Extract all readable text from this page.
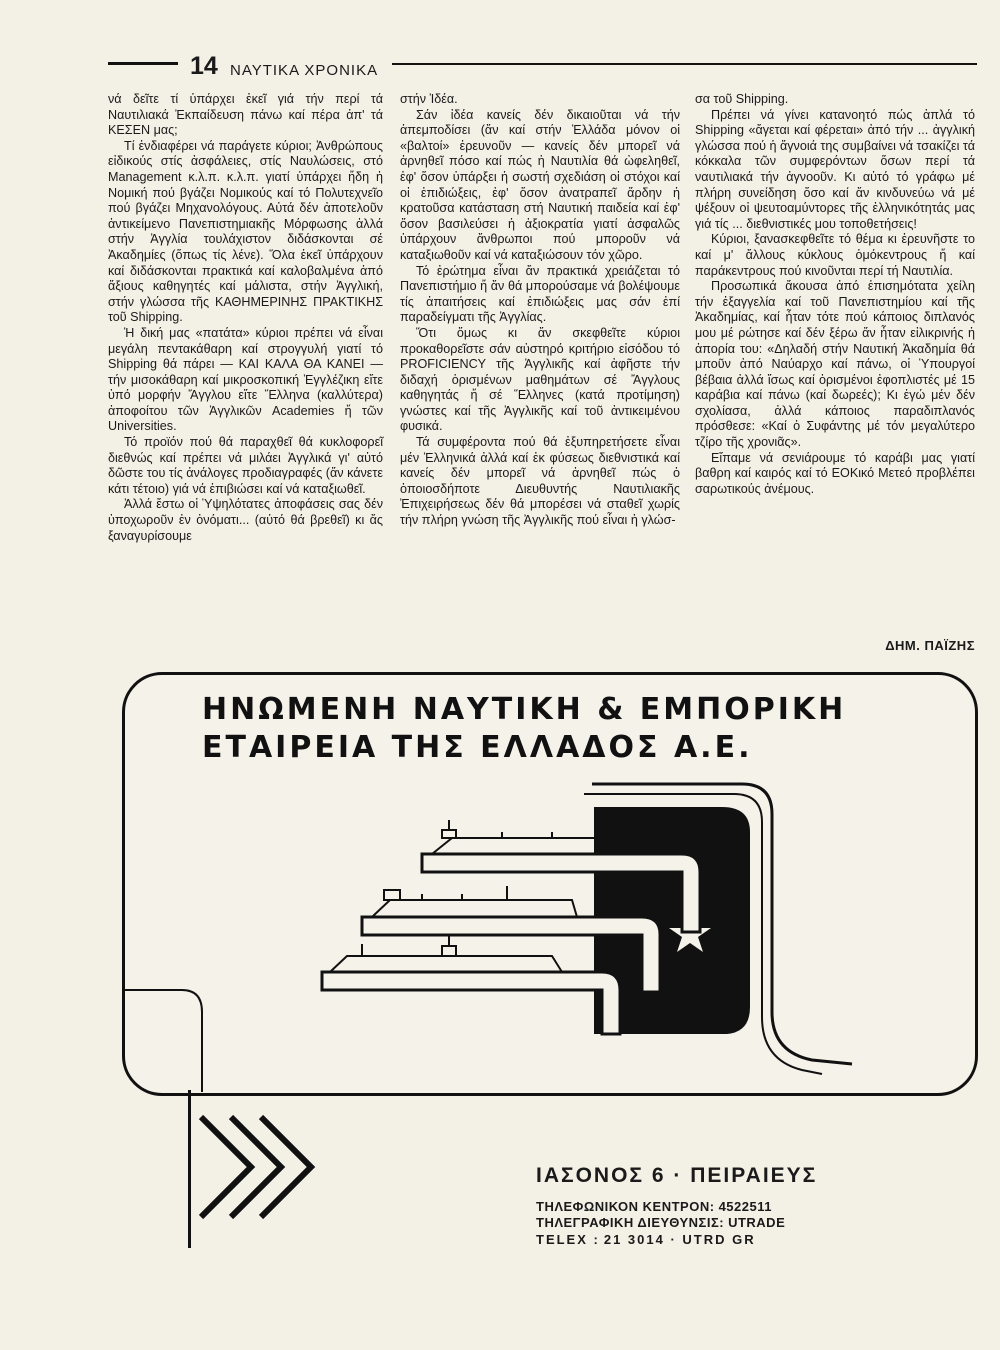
14 ΝΑΥΤΙΚΑ ΧΡΟΝΙΚΑ

νά δεῖτε τί ὑπάρχει ἐκεῖ γιά τήν περί τά Ναυτιλιακά Ἐκπαίδευση πάνω καί πέρα ἀπ' τά ΚΕΣΕΝ μας;

Τί ἐνδιαφέρει νά παράγετε κύριοι; Ἀνθρώπους εἰδικούς στίς ἀσφάλειες, στίς Ναυλώσεις, στό Management κ.λ.π. κ.λ.π. γιατί ὑπάρχει ἤδη ἡ Νομική πού βγάζει Νομικούς καί τό Πολυτεχνεῖο πού βγάζει Μηχανολόγους. Αὐτά δέν ἀποτελοῦν ἀντικείμενο Πανεπιστημιακῆς Μόρφωσης ἀλλά στήν Ἀγγλία τουλάχιστον διδάσκονται σέ Ἀκαδημίες (ὅπως τίς λένε). Ὅλα ἐκεῖ ὑπάρχουν καί διδάσκονται πρακτικά καί καλοβαλμένα ἀπό ἄξιους καθηγητές καί μάλιστα, στήν Ἀγγλική, στήν γλώσσα τῆς ΚΑΘΗΜΕΡΙΝΗΣ ΠΡΑΚΤΙΚΗΣ τοῦ Shipping.

Ἡ δική μας «πατάτα» κύριοι πρέπει νά εἶναι μεγάλη πεντακάθαρη καί στρογγυλή γιατί τό Shipping θά πάρει — ΚΑΙ ΚΑΛΑ ΘΑ ΚΑΝΕΙ — τήν μισοκάθαρη καί μικροσκοπική Ἐγγλέζικη εἴτε ὑπό μορφήν Ἄγγλου εἴτε Ἕλληνα (καλλύτερα) ἀποφοίτου τῶν Ἀγγλικῶν Academies ἤ τῶν Universities.

Τό προϊόν πού θά παραχθεῖ θά κυκλοφορεῖ διεθνώς καί πρέπει νά μιλάει Ἀγγλικά γι' αὐτό δῶστε του τίς ἀνάλογες προδιαγραφές (ἄν κάνετε κάτι τέτοιο) γιά νά ἐπιβιώσει καί νά καταξιωθεῖ.

Ἀλλά ἔστω οἱ Ὑψηλότατες ἀποφάσεις σας δέν ὑποχωροῦν ἐν ὀνόματι... (αὐτό θά βρεθεῖ) κι ἄς ξαναγυρίσουμε

στήν Ἰδέα.

Σάν ἰδέα κανείς δέν δικαιοῦται νά τήν ἀπεμποδίσει (ἄν καί στήν Ἑλλάδα μόνον οἱ «βαλτοί» ἐρευνοῦν — κανείς δέν μπορεῖ νά ἀρνηθεῖ πόσο καί πώς ἡ Ναυτιλία θά ὠφεληθεῖ, ἐφ' ὅσον ὑπάρξει ἡ σωστή σχεδιάση οἱ στόχοι καί οἱ ἐπιδιώξεις, ἐφ' ὅσον ἀνατραπεῖ ἄρδην ἡ κρατοῦσα κατάσταση στή Ναυτική παιδεία καί ἐφ' ὅσον βασιλεύσει ἡ ἀξιοκρατία γιατί ἀσφαλῶς ὑπάρχουν ἄνθρωποι πού μποροῦν νά καταξιωθοῦν καί νά καταξιώσουν τόν χῶρο.

Τό ἐρώτημα εἶναι ἄν πρακτικά χρειάζεται τό Πανεπιστήμιο ἤ ἄν θά μπορούσαμε νά βολέψουμε τίς ἀπαιτήσεις καί ἐπιδιώξεις μας σάν ἐπί παραδείγματι τῆς Ἀγγλίας.

Ὅτι ὅμως κι ἄν σκεφθεῖτε κύριοι προκαθορεῖστε σάν αὐστηρό κριτήριο εἰσόδου τό PROFICIENCY τῆς Ἀγγλικῆς καί ἀφῆστε τήν διδαχή ὁρισμένων μαθημάτων σέ Ἄγγλους καθηγητάς ἤ σέ Ἕλληνες (κατά προτίμηση) γνώστες καί τῆς Ἀγγλικῆς καί τοῦ ἀντικειμένου φυσικά.

Τά συμφέροντα πού θά ἐξυπηρετήσετε εἶναι μέν Ἑλληνικά ἀλλά καί ἐκ φύσεως διεθνιστικά καί κανείς δέν μπορεῖ νά ἀρνηθεῖ πώς ὁ ὁποιοσδήποτε Διευθυντής Ναυτιλιακῆς Ἐπιχειρήσεως δέν θά μπορέσει νά σταθεῖ χωρίς τήν πλήρη γνώση τῆς Ἀγγλικῆς πού εἶναι ἡ γλώσ-

σα τοῦ Shipping.

Πρέπει νά γίνει κατανοητό πώς ἁπλά τό Shipping «ἄγεται καί φέρεται» ἀπό τήν ... ἀγγλική γλώσσα πού ἡ ἄγνοιά της συμβαίνει νά τσακίζει τά κόκκαλα τῶν συμφερόντων ὅσων περί τά ναυτιλιακά τήν ἀγνοοῦν. Κι αὐτό τό γράφω μέ πλήρη συνείδηση ὅσο καί ἄν κινδυνεύω νά μέ ψέξουν οἱ ψευτοαμύντορες τῆς ἑλληνικότητάς μας γιά τίς ... διεθνιστικές μου τοποθετήσεις!

Κύριοι, ξανασκεφθεῖτε τό θέμα κι ἐρευνῆστε το καί μ' ἄλλους κύκλους ὁμόκεντρους ἤ καί παράκεντρους πού κινοῦνται περί τή Ναυτιλία.

Προσωπικά ἄκουσα ἀπό ἐπισημότατα χείλη τήν ἐξαγγελία καί τοῦ Πανεπιστημίου καί τῆς Ἀκαδημίας, καί ἦταν τότε πού κάποιος διπλανός μου μέ ρώτησε καί δέν ξέρω ἄν ἦταν εἰλικρινής ἡ ἀπορία του: «Δηλαδή στήν Ναυτική Ἀκαδημία θά μποῦν ἀπό Ναύαρχο καί πάνω, οἱ Ὑπουργοί βέβαια ἀλλά ἴσως καί ὁρισμένοι ἐφοπλιστές μέ 15 καράβια καί πάνω (καί δωρεές); Κι ἐγώ μέν δέν σχολίασα, ἀλλά κάποιος παραδιπλανός πρόσθεσε: «Καί ὁ Συφάντης μέ τόν μεγαλύτερο τζίρο τῆς χρονιᾶς».

Εἴπαμε νά σενιάρουμε τό καράβι μας γιατί βαθρη καί καιρός καί τό ΕΟΚικό Μετεό προβλέπει σαρωτικούς ἀνέμους.

ΔΗΜ. ΠΑΪΖΗΣ
ΗΝΩΜΕΝΗ ΝΑΥΤΙΚΗ & ΕΜΠΟΡΙΚΗ
ΕΤΑΙΡΕΙΑ ΤΗΣ ΕΛΛΑΔΟΣ Α.Ε.
ΙΑΣΟΝΟΣ 6 · ΠΕΙΡΑΙΕΥΣ
ΤΗΛΕΦΩΝΙΚΟΝ ΚΕΝΤΡΟΝ: 4522511
ΤΗΛΕΓΡΑΦΙΚΗ ΔΙΕΥΘΥΝΣΙΣ: UTRADE
TELEX : 21 3014 · UTRD GR
